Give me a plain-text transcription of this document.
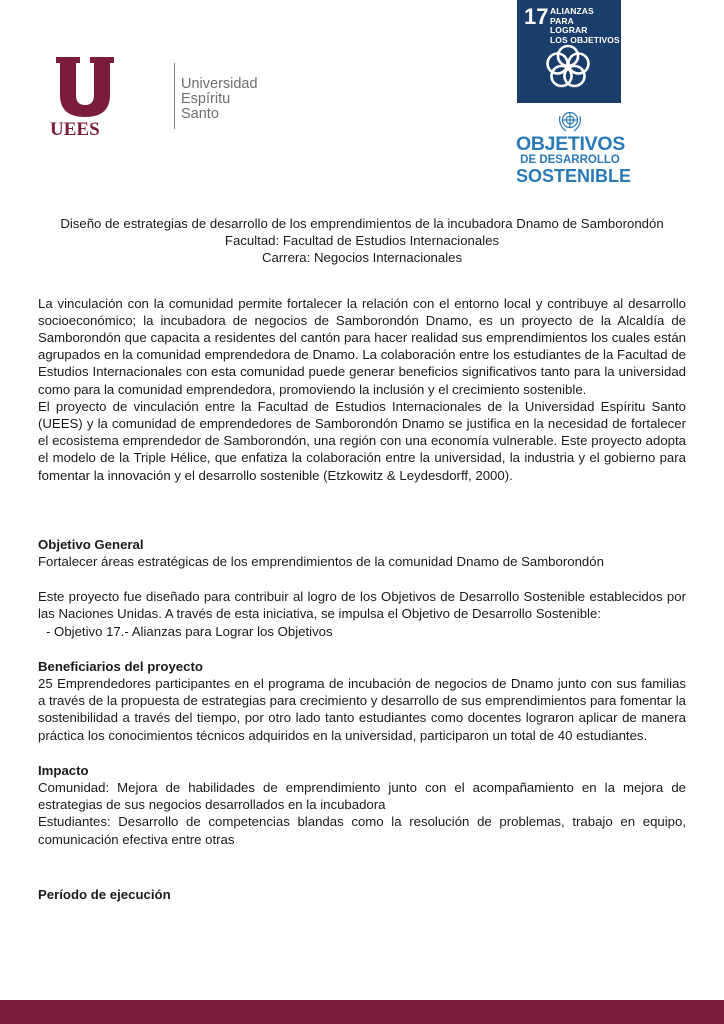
UEES
Universidad
Espíritu Santo
17 ALIANZAS PARA
LOGRAR
LOS OBJETIVOS
OBJETIVOS
DE DESARROLLO
SOSTENIBLE

Diseño de estrategias de desarrollo de los emprendimientos de la incubadora Dnamo de Samborondón

Facultad: Facultad de Estudios Internacionales

Carrera: Negocios Internacionales

La vinculación con la comunidad permite fortalecer la relación con el entorno local y contribuye al desarrollo socioeconómico; la incubadora de negocios de Samborondón Dnamo, es un proyecto de la Alcaldía de Samborondón que capacita a residentes del cantón para hacer realidad sus emprendimientos los cuales están agrupados en la comunidad emprendedora de Dnamo. La colaboración entre los estudiantes de la Facultad de Estudios Internacionales con esta comunidad puede generar beneficios significativos tanto para la universidad como para la comunidad emprendedora, promoviendo la inclusión y el crecimiento sostenible.

El proyecto de vinculación entre la Facultad de Estudios Internacionales de la Universidad Espíritu Santo (UEES) y la comunidad de emprendedores de Samborondón Dnamo se justifica en la necesidad de fortalecer el ecosistema emprendedor de Samborondón, una región con una economía vulnerable. Este proyecto adopta el modelo de la Triple Hélice, que enfatiza la colaboración entre la universidad, la industria y el gobierno para fomentar la innovación y el desarrollo sostenible (Etzkowitz & Leydesdorff, 2000).

Objetivo General

Fortalecer áreas estratégicas de los emprendimientos de la comunidad Dnamo de Samborondón

Este proyecto fue diseñado para contribuir al logro de los Objetivos de Desarrollo Sostenible establecidos por las Naciones Unidas. A través de esta iniciativa, se impulsa el Objetivo de Desarrollo Sostenible:

- Objetivo 17.- Alianzas para Lograr los Objetivos

Beneficiarios del proyecto

25 Emprendedores participantes en el programa de incubación de negocios de Dnamo junto con sus familias a través de la propuesta de estrategias para crecimiento y desarrollo de sus emprendimientos para fomentar la sostenibilidad a través del tiempo, por otro lado tanto estudiantes como docentes lograron aplicar de manera práctica los conocimientos técnicos adquiridos en la universidad, participaron un total de 40 estudiantes.

Impacto

Comunidad: Mejora de habilidades de emprendimiento junto con el acompañamiento en la mejora de estrategias de sus negocios desarrollados en la incubadora

Estudiantes: Desarrollo de competencias blandas como la resolución de problemas, trabajo en equipo, comunicación efectiva entre otras

Período de ejecución
